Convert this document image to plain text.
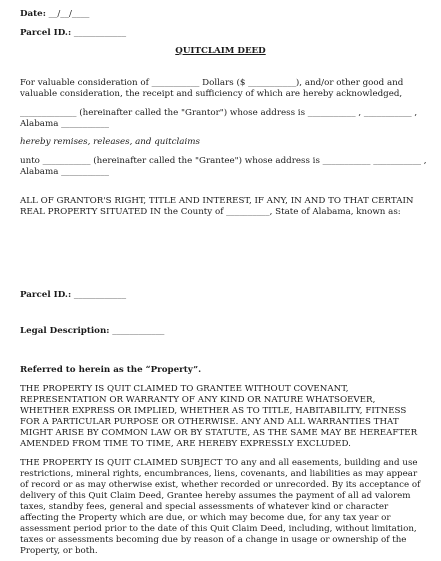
Date: __/__/____
Parcel ID.: ____________
QUITCLAIM DEED

For valuable consideration of ___________ Dollars ($ ___________), and/or other good and valuable consideration, the receipt and sufficiency of which are hereby acknowledged,

_____________ (hereinafter called the "Grantor") whose address is ___________ , ___________ , Alabama ___________

hereby remises, releases, and quitclaims

unto ___________ (hereinafter called the "Grantee") whose address is ___________ ___________ , Alabama ___________

ALL OF GRANTOR'S RIGHT, TITLE AND INTEREST, IF ANY, IN AND TO THAT CERTAIN REAL PROPERTY SITUATED IN the County of __________, State of Alabama, known as:

Parcel ID.: ____________
Legal Description: ____________

Referred to herein as the “Property”.

THE PROPERTY IS QUIT CLAIMED TO GRANTEE WITHOUT COVENANT, REPRESENTATION OR WARRANTY OF ANY KIND OR NATURE WHATSOEVER, WHETHER EXPRESS OR IMPLIED, WHETHER AS TO TITLE, HABITABILITY, FITNESS FOR A PARTICULAR PURPOSE OR OTHERWISE. ANY AND ALL WARRANTIES THAT MIGHT ARISE BY COMMON LAW OR BY STATUTE, AS THE SAME MAY BE HEREAFTER AMENDED FROM TIME TO TIME, ARE HEREBY EXPRESSLY EXCLUDED.

THE PROPERTY IS QUIT CLAIMED SUBJECT TO any and all easements, building and use restrictions, mineral rights, encumbrances, liens, covenants, and liabilities as may appear of record or as may otherwise exist, whether recorded or unrecorded. By its acceptance of delivery of this Quit Claim Deed, Grantee hereby assumes the payment of all ad valorem taxes, standby fees, general and special assessments of whatever kind or character affecting the Property which are due, or which may become due, for any tax year or assessment period prior to the date of this Quit Claim Deed, including, without limitation, taxes or assessments becoming due by reason of a change in usage or ownership of the Property, or both.
